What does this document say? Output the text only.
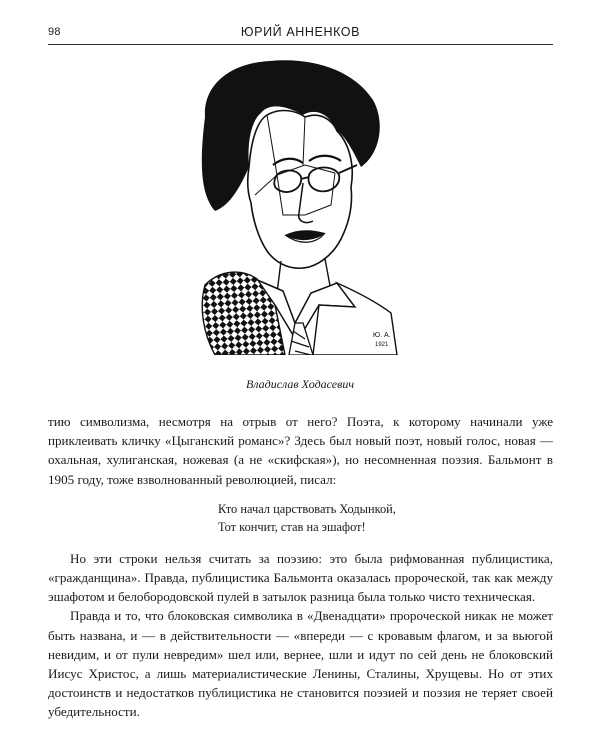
98	ЮРИЙ АННЕНКОВ
Ю. А.
1921
Владислав Ходасевич

тию символизма, несмотря на отрыв от него? Поэта, к которому начинали уже приклеивать кличку «Цыганский романс»? Здесь был новый поэт, новый голос, новая — охальная, хулиганская, ножевая (а не «скифская»), но несомненная поэзия. Бальмонт в 1905 году, тоже взволнованный революцией, писал:

Кто начал царствовать Ходынкой,
Тот кончит, став на эшафот!

Но эти строки нельзя считать за поэзию: это была рифмованная публицистика, «гражданщина». Правда, публицистика Бальмонта оказалась пророческой, так как между эшафотом и белобородовской пулей в затылок разница была только чисто техническая.

Правда и то, что блоковская символика в «Двенадцати» пророческой никак не может быть названа, и — в действительности — «впереди — с кровавым флагом, и за вьюгой невидим, и от пули невредим» шел или, вернее, шли и идут по сей день не блоковский Иисус Христос, а лишь материалистические Ленины, Сталины, Хрущевы. Но от этих достоинств и недостатков публицистика не становится поэзией и поэзия не теряет своей убедительности.
